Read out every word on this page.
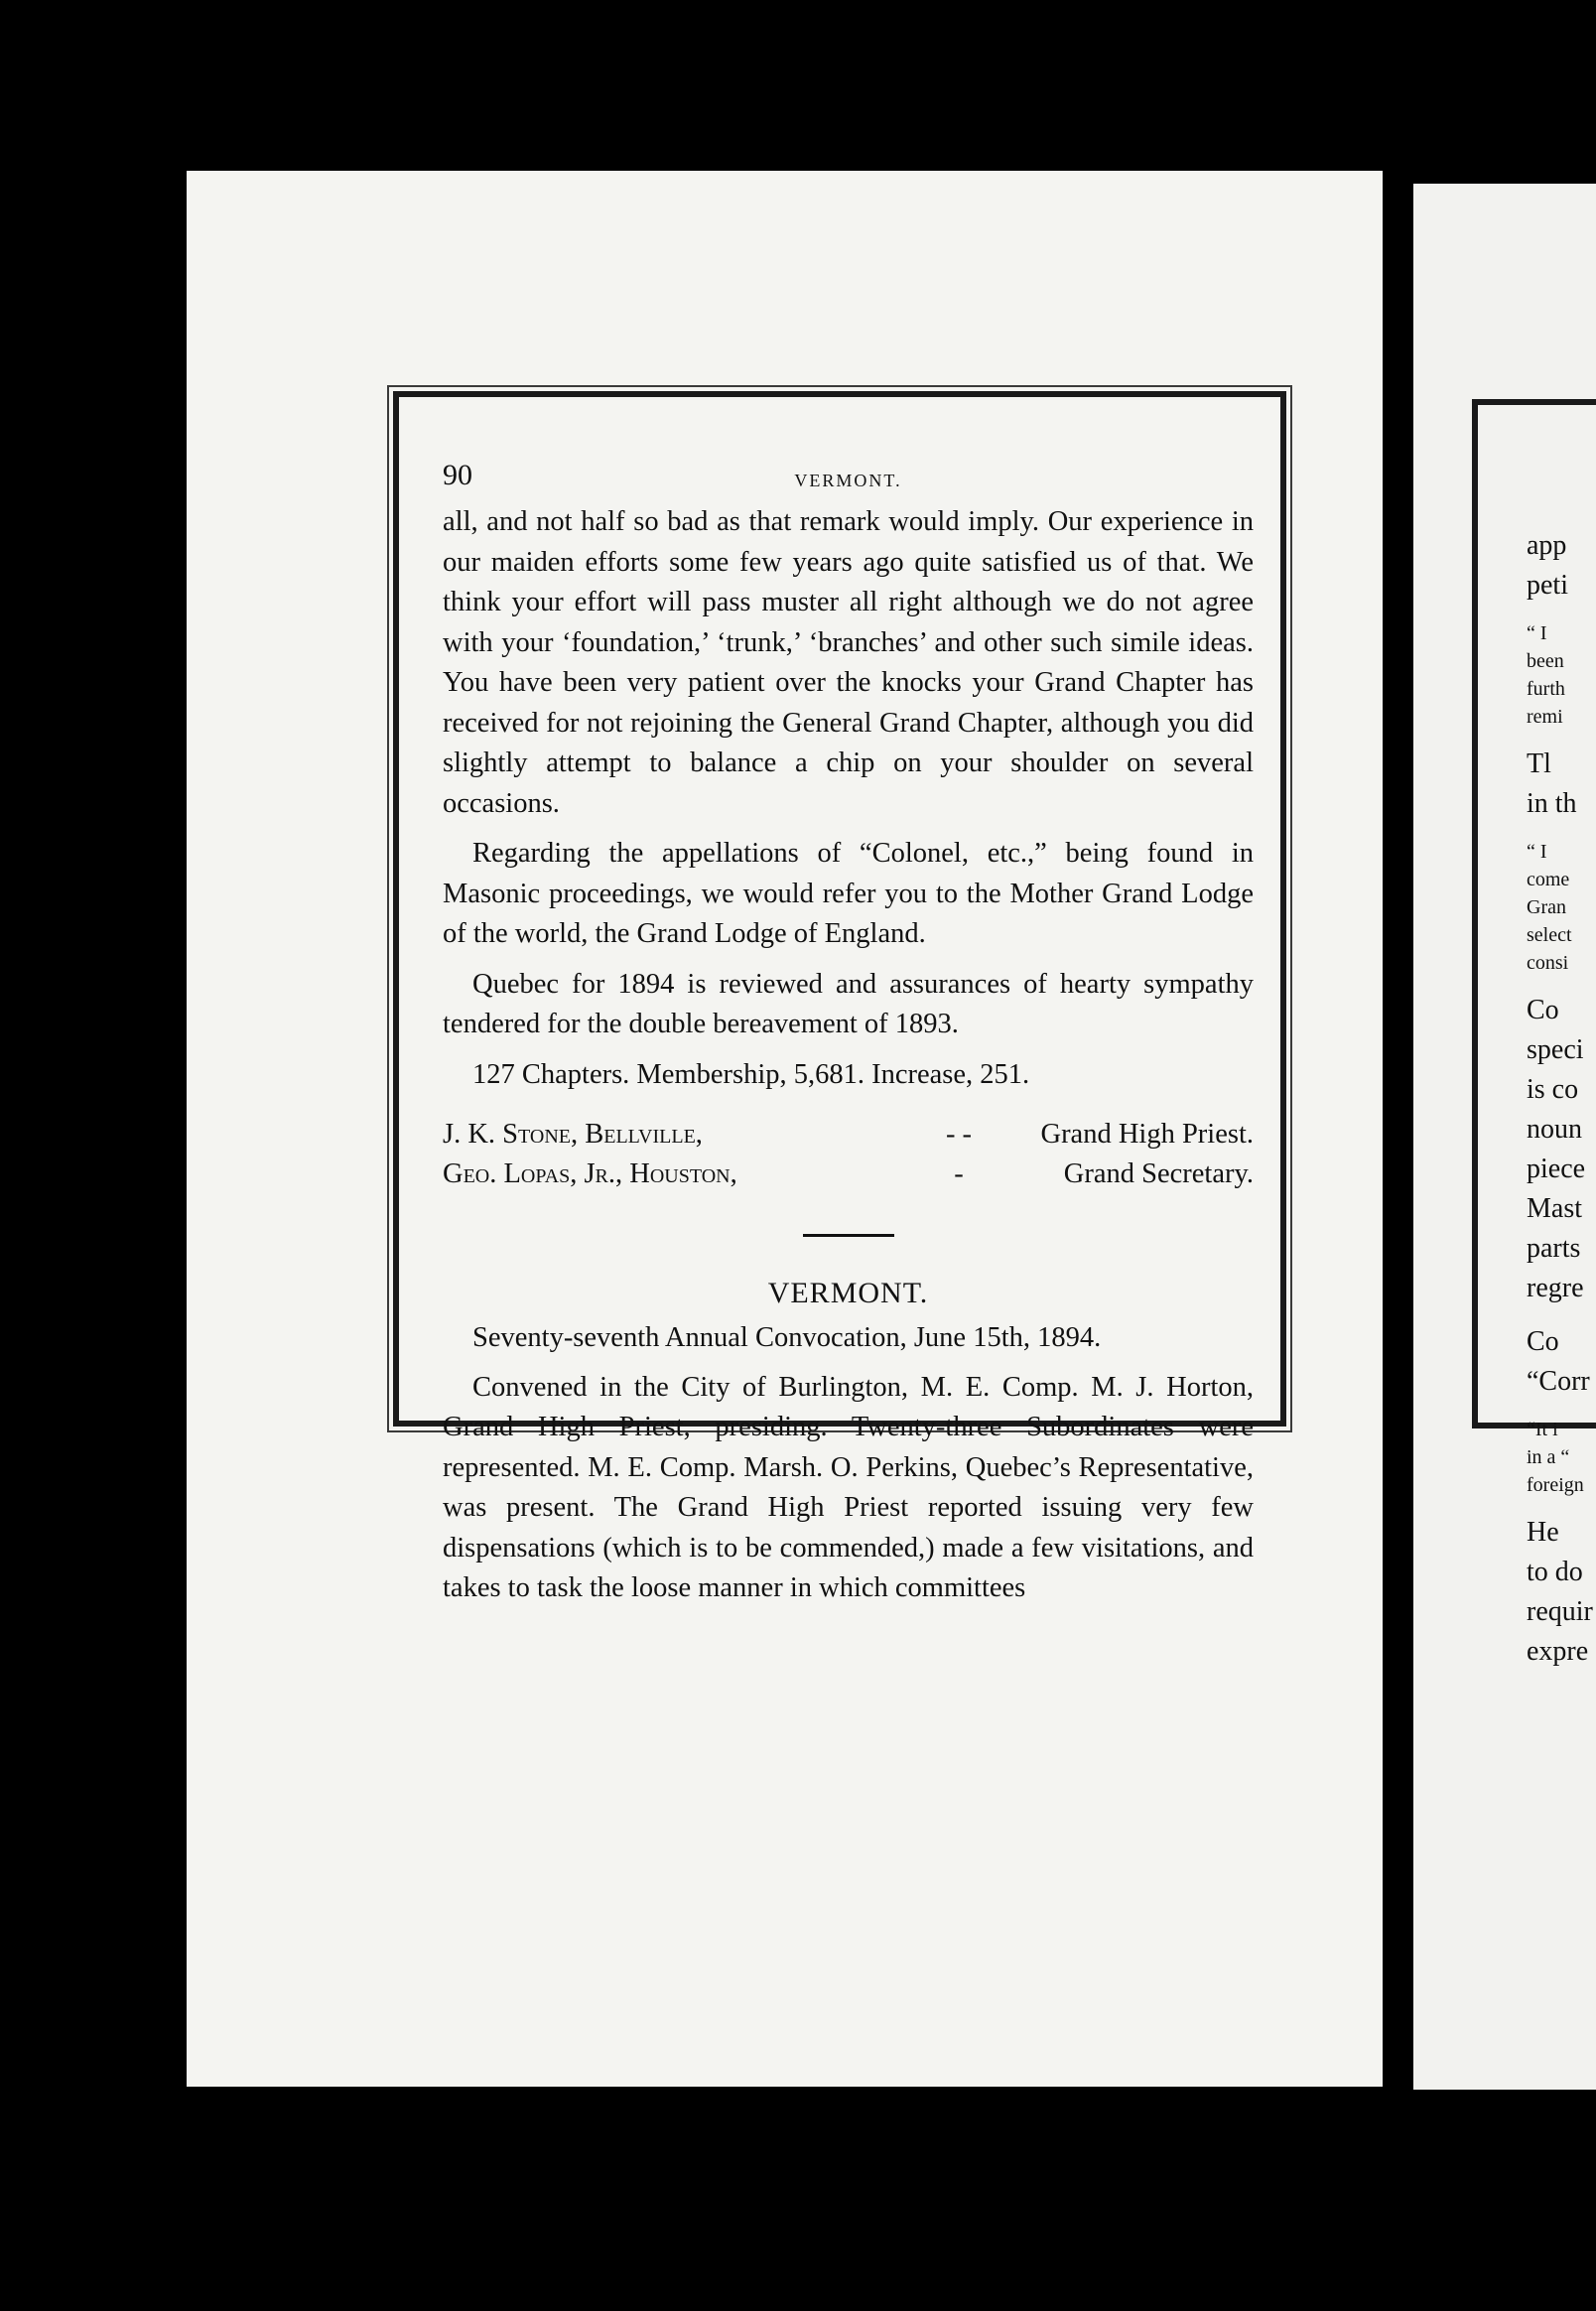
90	VERMONT.

all, and not half so bad as that remark would imply. Our experience in our maiden efforts some few years ago quite satisfied us of that. We think your effort will pass muster all right although we do not agree with your ‘foundation,’ ‘trunk,’ ‘branches’ and other such simile ideas. You have been very patient over the knocks your Grand Chapter has received for not rejoining the General Grand Chapter, although you did slightly attempt to balance a chip on your shoulder on several occasions.

Regarding the appellations of “Colonel, etc.,” being found in Masonic proceedings, we would refer you to the Mother Grand Lodge of the world, the Grand Lodge of England.

Quebec for 1894 is reviewed and assurances of hearty sympathy tendered for the double bereavement of 1893.

127 Chapters. Membership, 5,681. Increase, 251.
J. K. Stone, Bellville,	- -	Grand High Priest.
Geo. Lopas, Jr., Houston,	-	Grand Secretary.
VERMONT.
Seventy-seventh Annual Convocation, June 15th, 1894.

Convened in the City of Burlington, M. E. Comp. M. J. Horton, Grand High Priest, presiding. Twenty-three Subordinates were represented. M. E. Comp. Marsh. O. Perkins, Quebec’s Representative, was present. The Grand High Priest reported issuing very few dispensations (which is to be commended,) made a few visitations, and takes to task the loose manner in which committees

app
peti
“ I
been
furth
remi
Tl
in th
“ I
come
Gran
select
consi
Co
speci
is co
noun
piece
Mast
parts
regre
Co
“Corr
“It i
in a “
foreign
He
to do
requir
expre
